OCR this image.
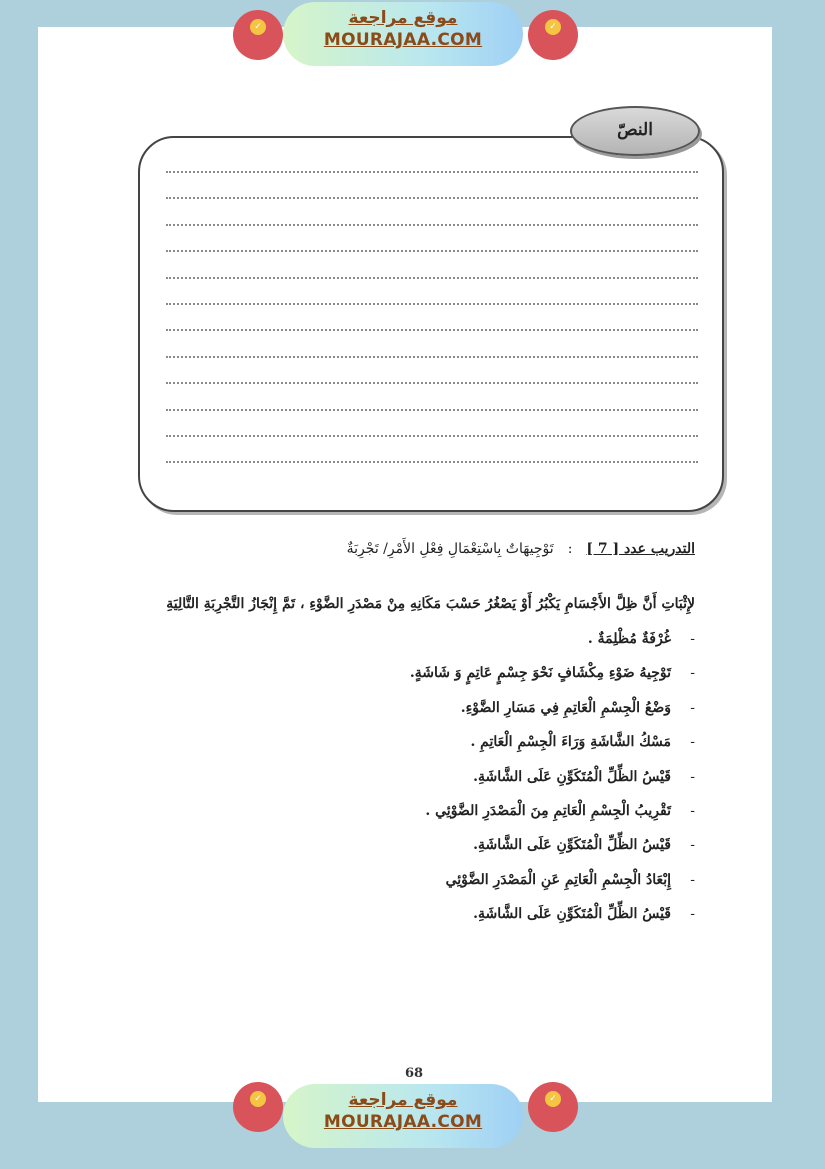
✓	موقع مراجعة
MOURAJAA.COM
✓
النصّ
التدريب عدد [ 7 ]:تَوْجِيهَاتٌ بِاسْتِعْمَالِ فِعْلِ الأَمْرِ/ تَجْرِبَةٌ
لإِثْبَاتِ أَنَّ ظِلَّ الأَجْسَامِ يَكْبُرُ أَوْ يَصْغُرُ حَسْبَ مَكَانِهِ مِنْ مَصْدَرِ الضَّوْءِ ، تَمَّ إِنْجَازُ التَّجْرِبَةِ التَّالِيَةِ
-
غُرْفَةٌ مُظْلِمَةٌ .
-
تَوْجِيهُ ضَوْءِ مِكْشَافٍ نَحْوَ جِسْمٍ عَاتِمٍ وَ شَاشَةٍ.
-
وَضْعُ الْجِسْمِ الْعَاتِمِ فِي مَسَارِ الضَّوْءِ.
-
مَسْكُ الشَّاشَةِ وَرَاءَ الْجِسْمِ الْعَاتِمِ .
-
قَيْسُ الظِّلِّ الْمُتَكَوِّنِ عَلَى الشَّاشَةِ.
-
تَقْرِيبُ الْجِسْمِ الْعَاتِمِ مِنَ الْمَصْدَرِ الضَّوْئِي .
-
قَيْسُ الظِّلِّ الْمُتَكَوِّنِ عَلَى الشَّاشَةِ.
-
إِبْعَادُ الْجِسْمِ الْعَاتِمِ عَنِ الْمَصْدَرِ الضَّوْئِي
-
قَيْسُ الظِّلِّ الْمُتَكَوِّنِ عَلَى الشَّاشَةِ.
68
✓	موقع مراجعة
MOURAJAA.COM
✓
